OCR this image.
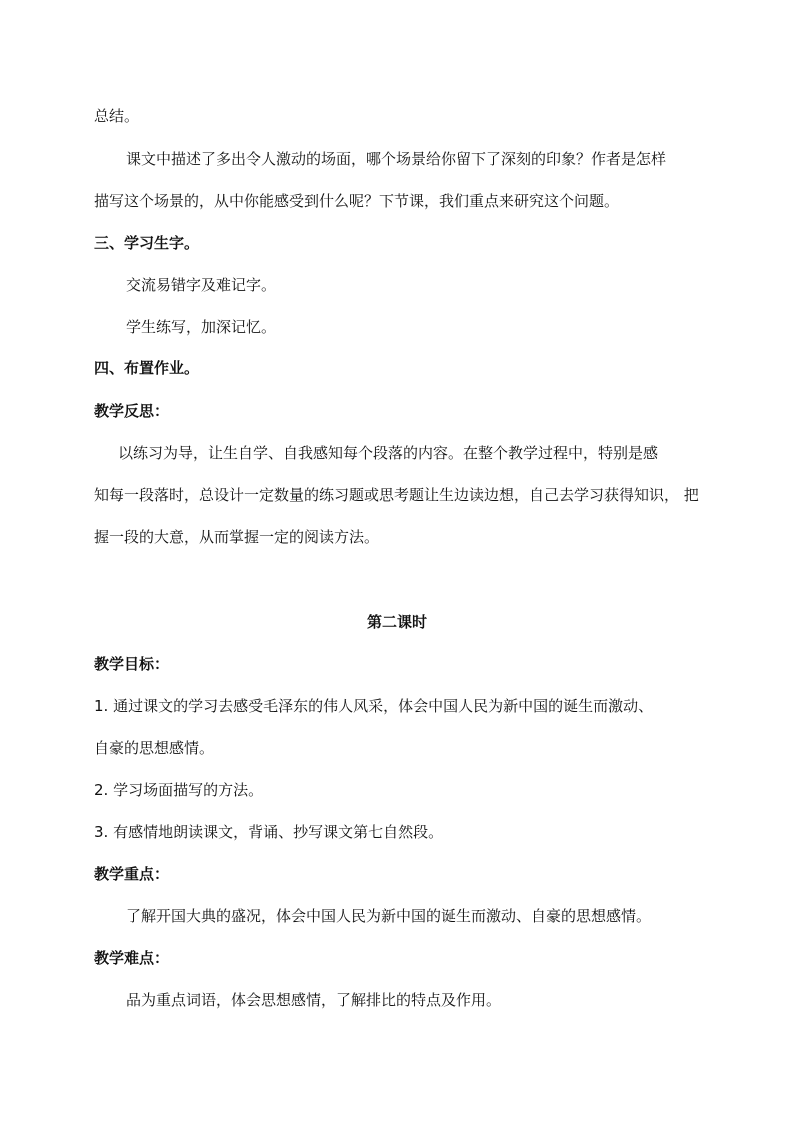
总结。
课文中描述了多出令人激动的场面，哪个场景给你留下了深刻的印象？作者是怎样
描写这个场景的，从中你能感受到什么呢？下节课，我们重点来研究这个问题。
三、学习生字。
交流易错字及难记字。
学生练写，加深记忆。
四、布置作业。
教学反思：
以练习为导，让生自学、自我感知每个段落的内容。在整个教学过程中，特别是感
知每一段落时，总设计一定数量的练习题或思考题让生边读边想，自己去学习获得知识， 把
握一段的大意，从而掌握一定的阅读方法。
第二课时
教学目标：
1. 通过课文的学习去感受毛泽东的伟人风采，体会中国人民为新中国的诞生而激动、
自豪的思想感情。
2. 学习场面描写的方法。
3. 有感情地朗读课文，背诵、抄写课文第七自然段。
教学重点：
了解开国大典的盛况，体会中国人民为新中国的诞生而激动、自豪的思想感情。
教学难点：
品为重点词语，体会思想感情，了解排比的特点及作用。
